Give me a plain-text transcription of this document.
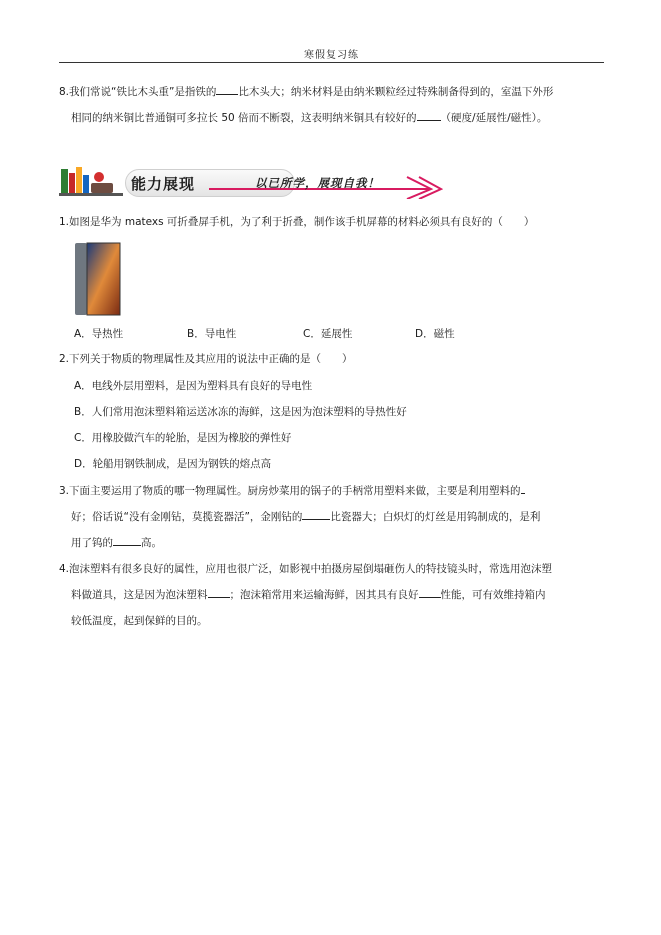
寒假复习练
8.我们常说“铁比木头重”是指铁的 比木头大；纳米材料是由纳米颗粒经过特殊制备得到的，室温下外形
相同的纳米铜比普通铜可多拉长 50 倍而不断裂，这表明纳米铜具有较好的 （硬度/延展性/磁性）。
能力展现	以已所学，展现自我！
1.如图是华为 matexs 可折叠屏手机，为了利于折叠，制作该手机屏幕的材料必须具有良好的（　　）
折叠屏手机
A．导热性	B．导电性	C．延展性	D．磁性
2.下列关于物质的物理属性及其应用的说法中正确的是（　　）
A．电线外层用塑料，是因为塑料具有良好的导电性
B．人们常用泡沫塑料箱运送冰冻的海鲜，这是因为泡沫塑料的导热性好
C．用橡胶做汽车的轮胎，是因为橡胶的弹性好
D．轮船用钢铁制成，是因为钢铁的熔点高
3.下面主要运用了物质的哪一物理属性。厨房炒菜用的锅子的手柄常用塑料来做，主要是利用塑料的
好；俗话说“没有金刚钻，莫揽瓷器活”，金刚钻的	比瓷器大；白炽灯的灯丝是用钨制成的，是利
用了钨的	高。
4.泡沫塑料有很多良好的属性，应用也很广泛，如影视中拍摄房屋倒塌砸伤人的特技镜头时，常选用泡沫塑
料做道具，这是因为泡沫塑料 ；泡沫箱常用来运输海鲜，因其具有良好 性能，可有效维持箱内
较低温度，起到保鲜的目的。
